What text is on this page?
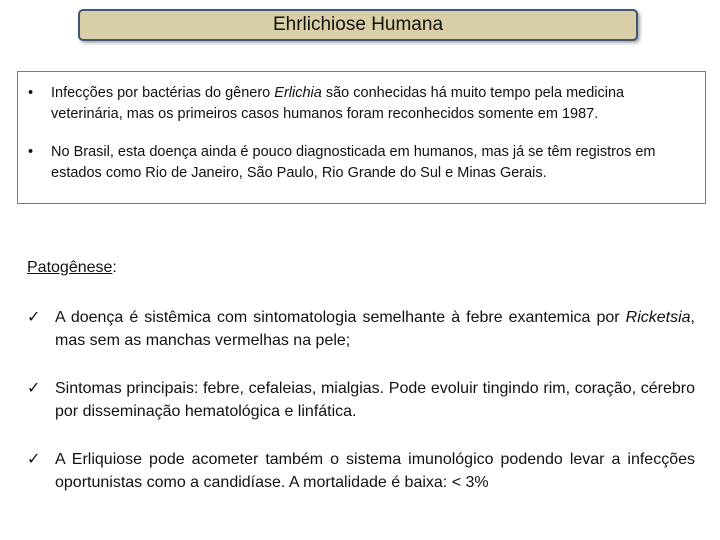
Ehrlichiose Humana
•	Infecções por bactérias do gênero Erlichia são conhecidas há muito tempo pela medicina veterinária, mas os primeiros casos humanos foram reconhecidos somente em 1987.
•	No Brasil, esta doença ainda é pouco diagnosticada em humanos, mas já se têm registros em estados como Rio de Janeiro, São Paulo, Rio Grande do Sul e Minas Gerais.
Patogênese:
✓ A doença é sistêmica com sintomatologia semelhante à febre exantemica por Ricketsia, mas sem as manchas vermelhas na pele;
✓ Sintomas principais: febre, cefaleias, mialgias. Pode evoluir tingindo rim, coração, cérebro por disseminação hematológica e linfática.
✓ A Erliquiose pode acometer também o sistema imunológico podendo levar a infecções oportunistas como a candidíase. A mortalidade é baixa: < 3%
